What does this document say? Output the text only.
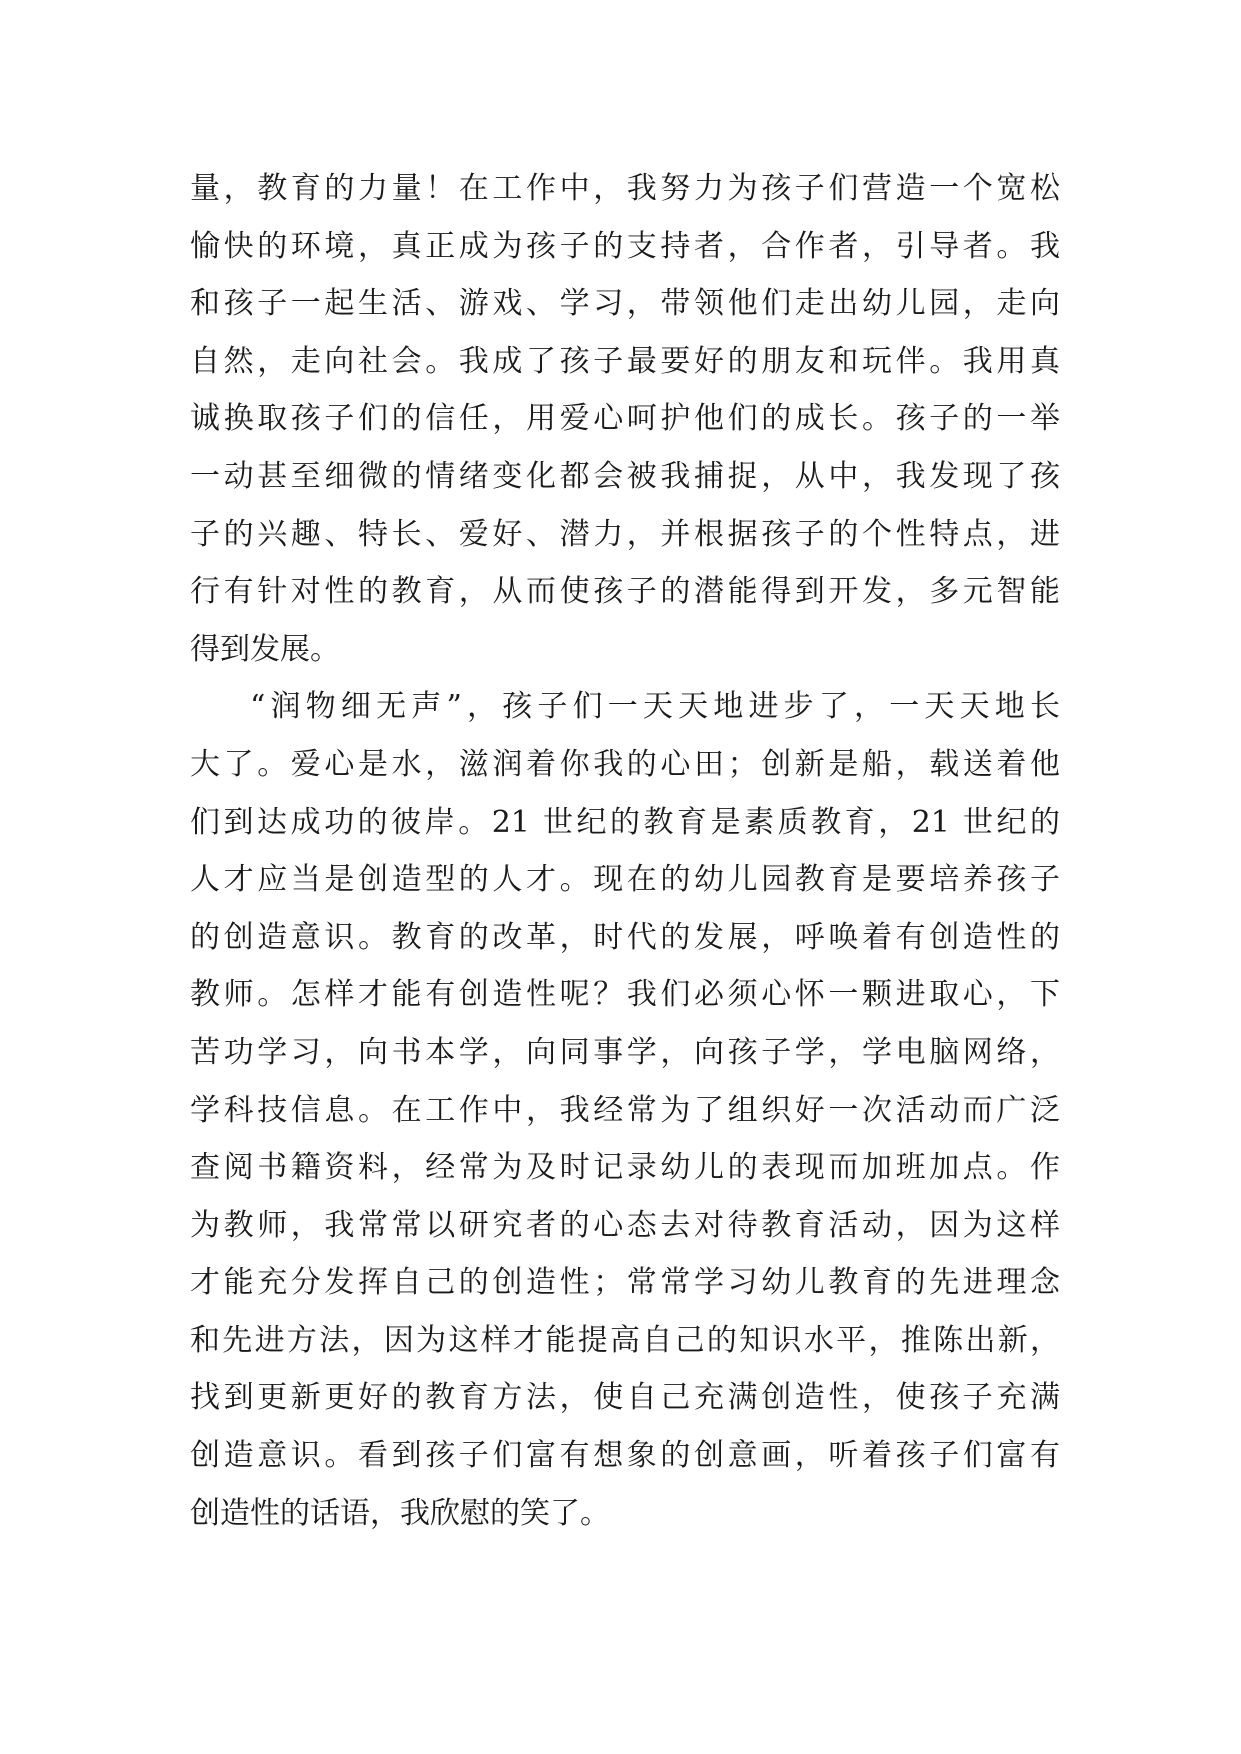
量，教育的力量！在工作中，我努力为孩子们营造一个宽松
愉快的环境，真正成为孩子的支持者，合作者，引导者。我
和孩子一起生活、游戏、学习，带领他们走出幼儿园，走向
自然，走向社会。我成了孩子最要好的朋友和玩伴。我用真
诚换取孩子们的信任，用爱心呵护他们的成长。孩子的一举
一动甚至细微的情绪变化都会被我捕捉，从中，我发现了孩
子的兴趣、特长、爱好、潜力，并根据孩子的个性特点，进
行有针对性的教育，从而使孩子的潜能得到开发，多元智能
得到发展。
“润物细无声”，孩子们一天天地进步了，一天天地长
大了。爱心是水，滋润着你我的心田；创新是船，载送着他
们到达成功的彼岸。21 世纪的教育是素质教育，21 世纪的
人才应当是创造型的人才。现在的幼儿园教育是要培养孩子
的创造意识。教育的改革，时代的发展，呼唤着有创造性的
教师。怎样才能有创造性呢？我们必须心怀一颗进取心，下
苦功学习，向书本学，向同事学，向孩子学，学电脑网络，
学科技信息。在工作中，我经常为了组织好一次活动而广泛
查阅书籍资料，经常为及时记录幼儿的表现而加班加点。作
为教师，我常常以研究者的心态去对待教育活动，因为这样
才能充分发挥自己的创造性；常常学习幼儿教育的先进理念
和先进方法，因为这样才能提高自己的知识水平，推陈出新，
找到更新更好的教育方法，使自己充满创造性，使孩子充满
创造意识。看到孩子们富有想象的创意画，听着孩子们富有
创造性的话语，我欣慰的笑了。
